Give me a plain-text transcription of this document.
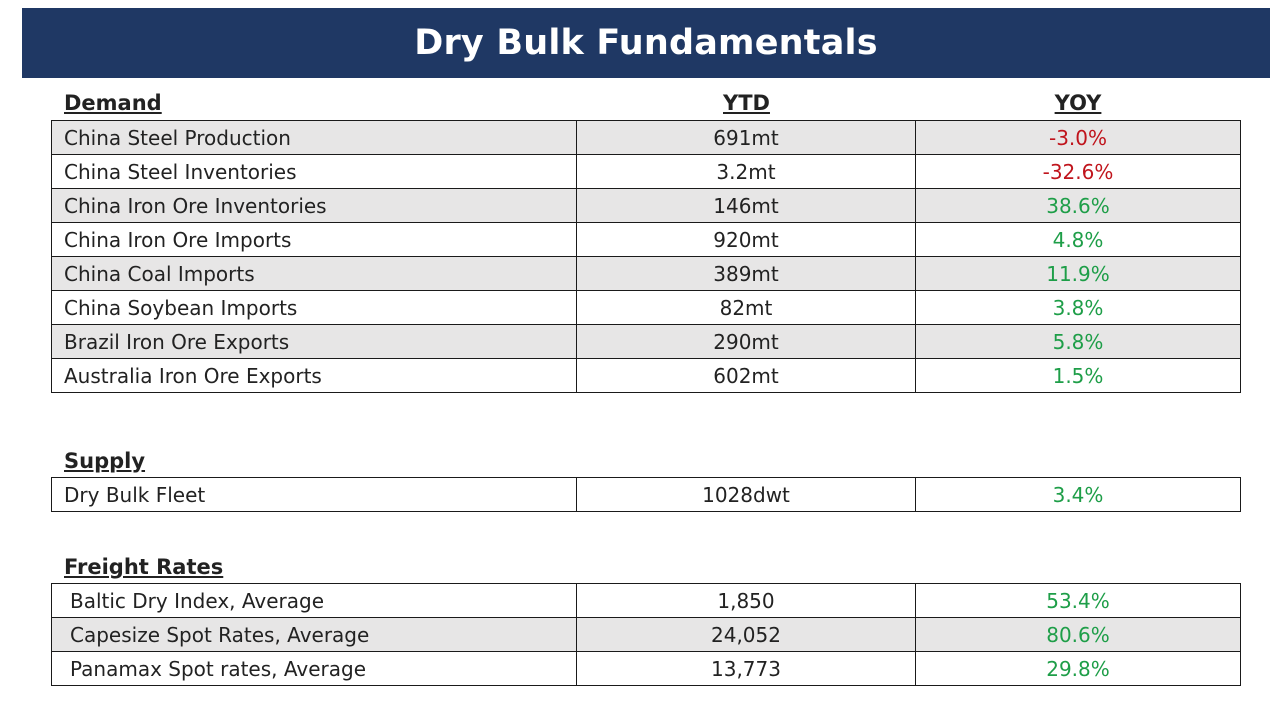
Dry Bulk Fundamentals
Demand	YTD	YOY
China Steel Production	691mt	-3.0%
China Steel Inventories	3.2mt	-32.6%
China Iron Ore Inventories	146mt	38.6%
China Iron Ore Imports	920mt	4.8%
China Coal Imports	389mt	11.9%
China Soybean Imports	82mt	3.8%
Brazil Iron Ore Exports	290mt	5.8%
Australia Iron Ore Exports	602mt	1.5%
Supply
Dry Bulk Fleet	1028dwt	3.4%
Freight Rates
Baltic Dry Index, Average	1,850	53.4%
Capesize Spot Rates, Average	24,052	80.6%
Panamax Spot rates, Average	13,773	29.8%
